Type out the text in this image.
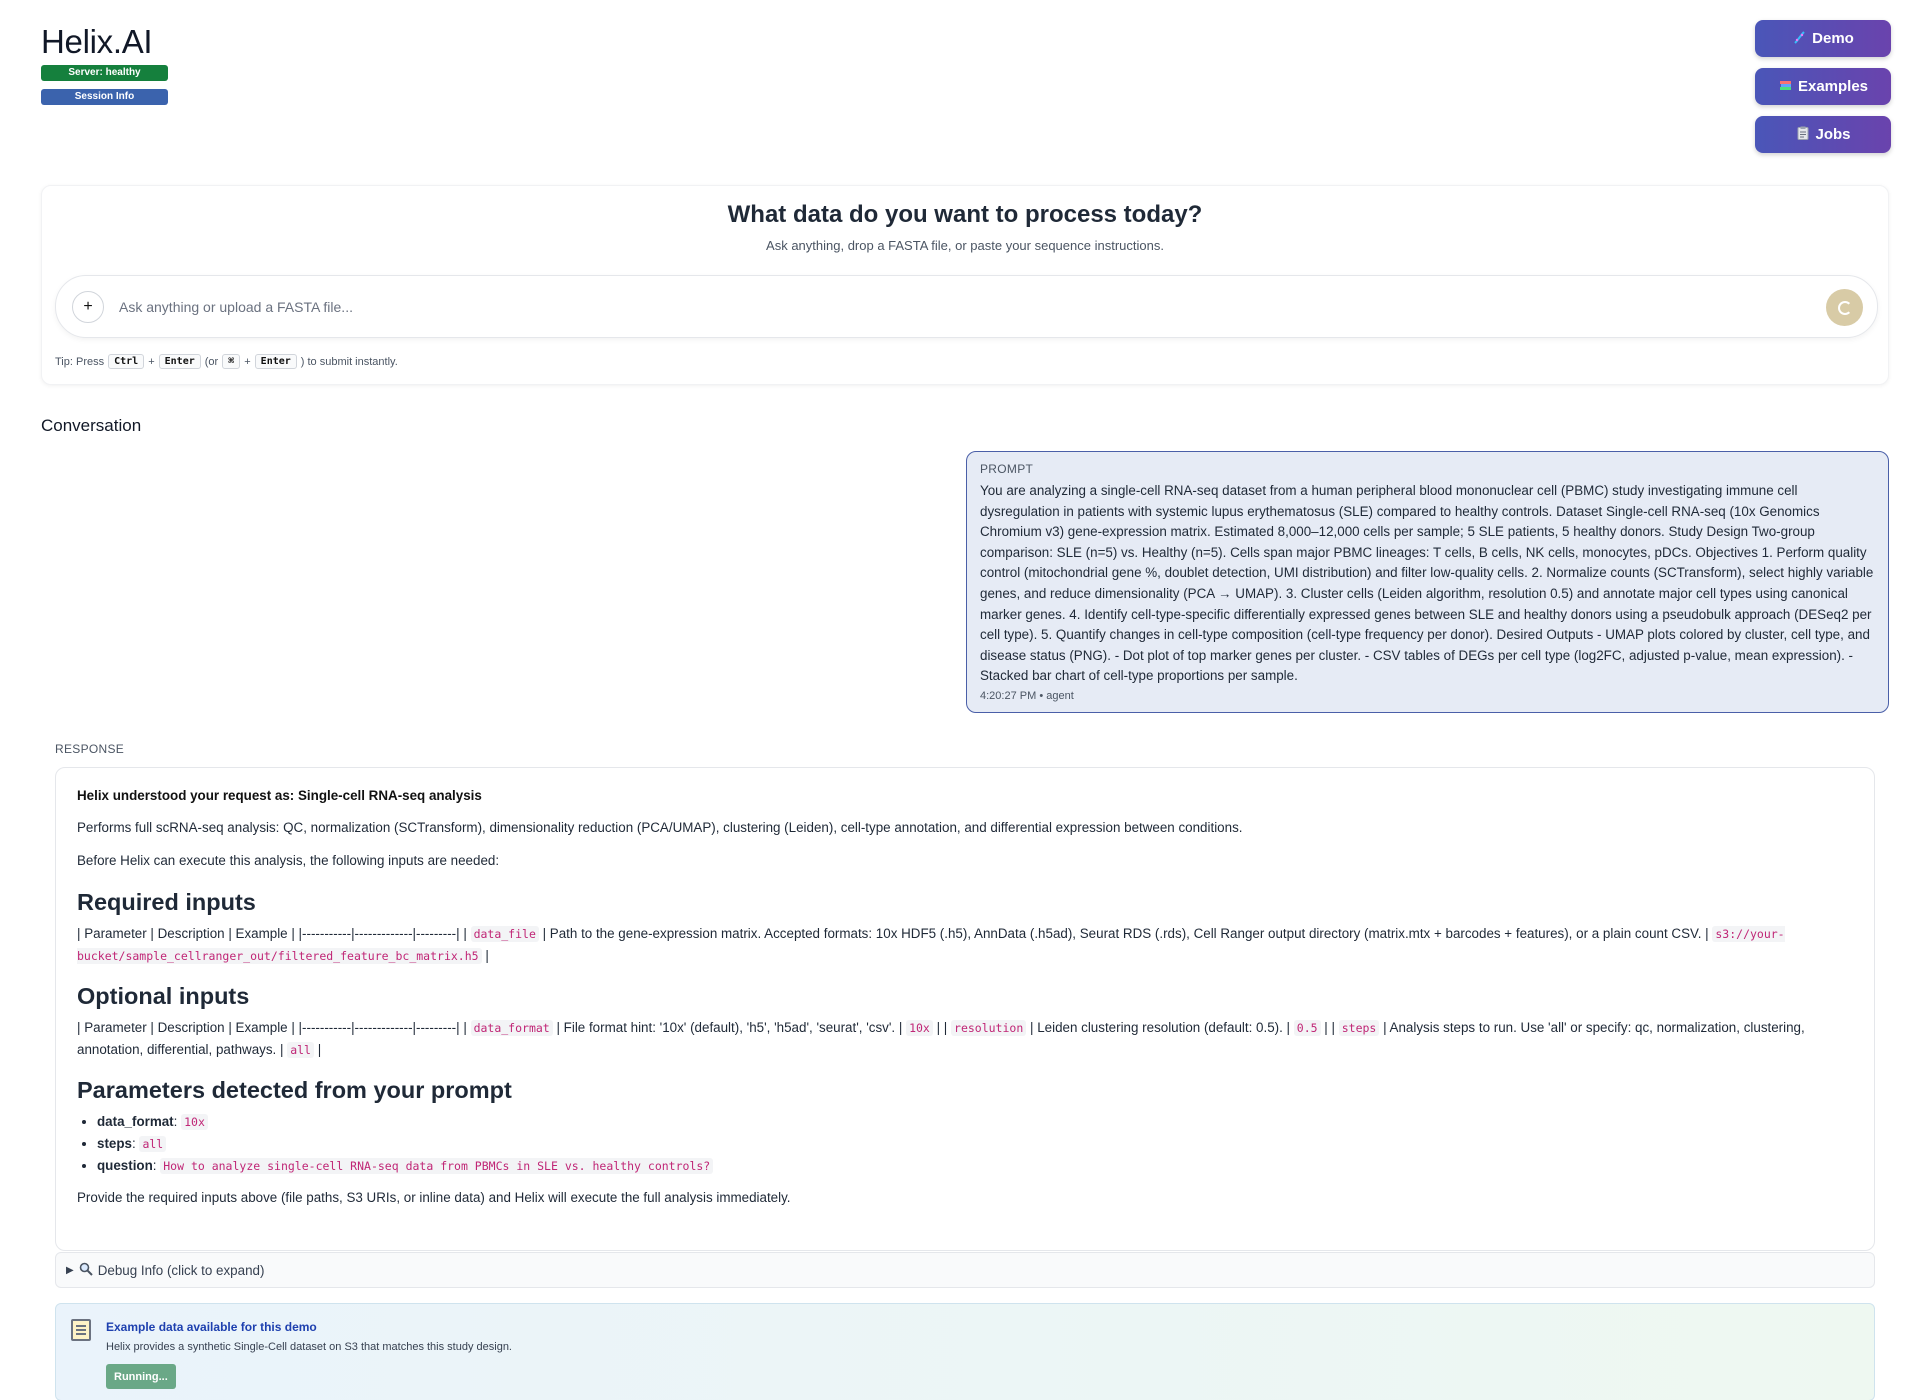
Helix.AI
Server: healthy
Session Info
Demo
Examples
Jobs
What data do you want to process today?
Ask anything, drop a FASTA file, or paste your sequence instructions.
+
Ask anything or upload a FASTA file...
Tip: Press	Ctrl +	Enter (or	⌘ +	Enter ) to submit instantly.
Conversation
PROMPT
You are analyzing a single-cell RNA-seq dataset from a human peripheral blood mononuclear cell (PBMC) study investigating immune cell dysregulation in patients with systemic lupus erythematosus (SLE) compared to healthy controls. Dataset Single-cell RNA-seq (10x Genomics Chromium v3) gene-expression matrix. Estimated 8,000–12,000 cells per sample; 5 SLE patients, 5 healthy donors. Study Design Two-group comparison: SLE (n=5) vs. Healthy (n=5). Cells span major PBMC lineages: T cells, B cells, NK cells, monocytes, pDCs. Objectives 1. Perform quality control (mitochondrial gene %, doublet detection, UMI distribution) and filter low-quality cells. 2. Normalize counts (SCTransform), select highly variable genes, and reduce dimensionality (PCA → UMAP). 3. Cluster cells (Leiden algorithm, resolution 0.5) and annotate major cell types using canonical marker genes. 4. Identify cell-type-specific differentially expressed genes between SLE and healthy donors using a pseudobulk approach (DESeq2 per cell type). 5. Quantify changes in cell-type composition (cell-type frequency per donor). Desired Outputs - UMAP plots colored by cluster, cell type, and disease status (PNG). - Dot plot of top marker genes per cluster. - CSV tables of DEGs per cell type (log2FC, adjusted p-value, mean expression). - Stacked bar chart of cell-type proportions per sample.
4:20:27 PM • agent
RESPONSE
Helix understood your request as: Single-cell RNA-seq analysis
Performs full scRNA-seq analysis: QC, normalization (SCTransform), dimensionality reduction (PCA/UMAP), clustering (Leiden), cell-type annotation, and differential expression between conditions.
Before Helix can execute this analysis, the following inputs are needed:
Required inputs
| Parameter | Description | Example | |-----------|-------------|---------| | data_file | Path to the gene-expression matrix. Accepted formats: 10x HDF5 (.h5), AnnData (.h5ad), Seurat RDS (.rds), Cell Ranger output directory (matrix.mtx + barcodes + features), or a plain count CSV. | s3://your-bucket/sample_cellranger_out/filtered_feature_bc_matrix.h5 |
Optional inputs
| Parameter | Description | Example | |-----------|-------------|---------| | data_format | File format hint: '10x' (default), 'h5', 'h5ad', 'seurat', 'csv'. | 10x | | resolution | Leiden clustering resolution (default: 0.5). | 0.5 | | steps | Analysis steps to run. Use 'all' or specify: qc, normalization, clustering, annotation, differential, pathways. | all |
Parameters detected from your prompt
• data_format: 10x
• steps: all
• question: How to analyze single-cell RNA-seq data from PBMCs in SLE vs. healthy controls?
Provide the required inputs above (file paths, S3 URIs, or inline data) and Helix will execute the full analysis immediately.
▶ Debug Info (click to expand)
Example data available for this demo
Helix provides a synthetic Single-Cell dataset on S3 that matches this study design.
Running...
